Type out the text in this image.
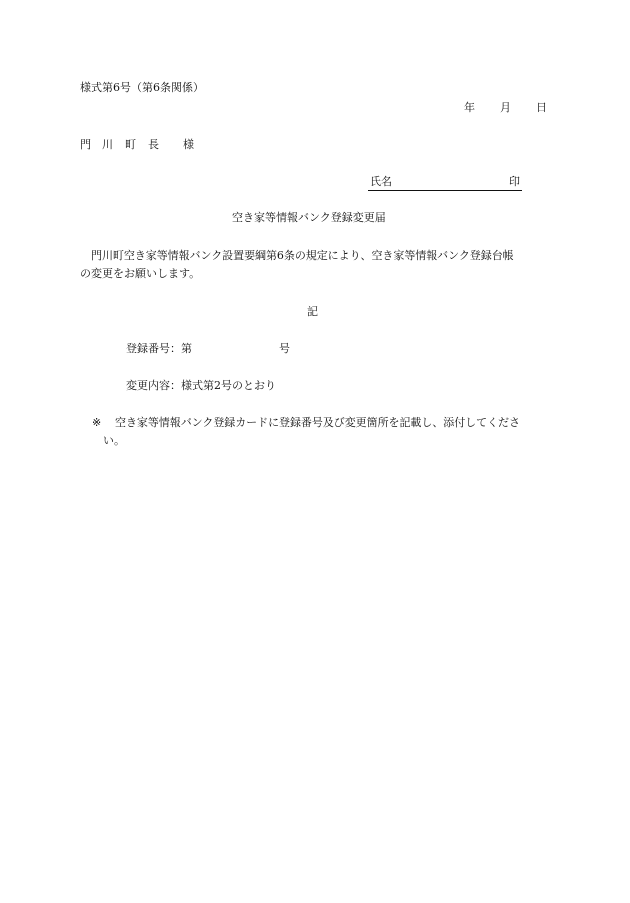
様式第6号（第6条関係）
年 月 日
門 川 町 長 様
氏名	印
空き家等情報バンク登録変更届
門川町空き家等情報バンク設置要綱第6条の規定により、空き家等情報バンク登録台帳
の変更をお願いします。
記
登録番号：第	号
変更内容：様式第2号のとおり
※ 空き家等情報バンク登録カードに登録番号及び変更箇所を記載し、添付してくださ
い。
